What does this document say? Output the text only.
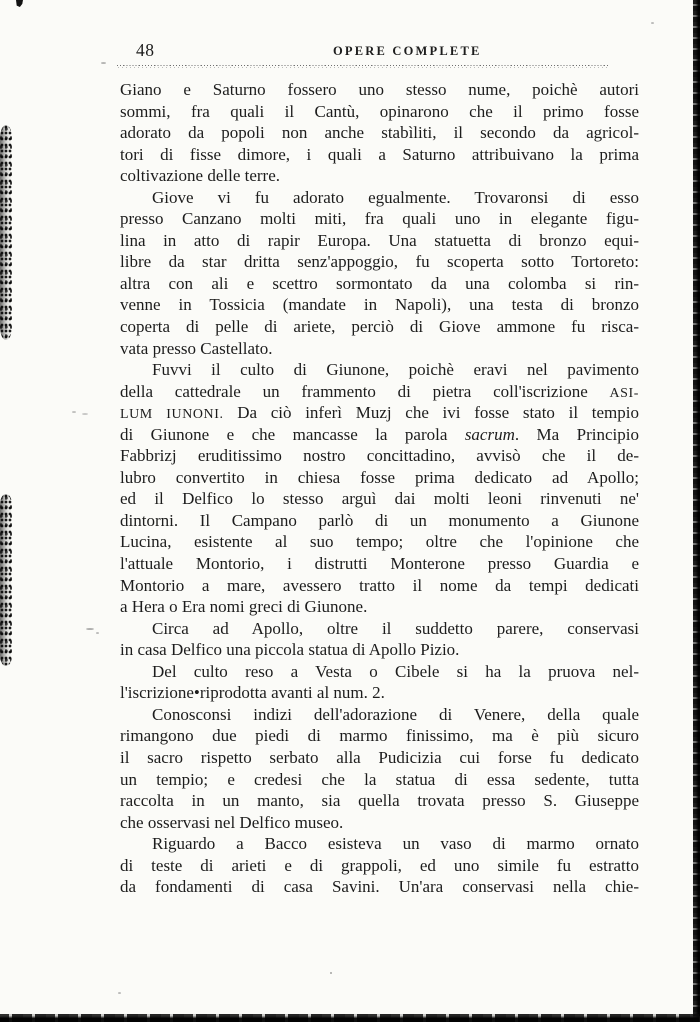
48	OPERE COMPLETE
Giano e Saturno fossero uno stesso nume, poichè autori
sommi, fra quali il Cantù, opinarono che il primo fosse
adorato da popoli non anche stabìliti, il secondo da agricol-
tori di fisse dimore, i quali a Saturno attribuivano la prima
coltivazione delle terre.
Giove vi fu adorato egualmente. Trovaronsi di esso
presso Canzano molti miti, fra quali uno in elegante figu-
lina in atto di rapir Europa. Una statuetta di bronzo equi-
libre da star dritta senz'appoggio, fu scoperta sotto Tortoreto:
altra con ali e scettro sormontato da una colomba si rin-
venne in Tossicia (mandate in Napoli), una testa di bronzo
coperta di pelle di ariete, perciò di Giove ammone fu risca-
vata presso Castellato.
Fuvvi il culto di Giunone, poichè eravi nel pavimento
della cattedrale un frammento di pietra coll'iscrizione ASI-
LUM IUNONI. Da ciò inferì Muzj che ivi fosse stato il tempio
di Giunone e che mancasse la parola sacrum. Ma Principio
Fabbrizj eruditissimo nostro concittadino, avvisò che il de-
lubro convertito in chiesa fosse prima dedicato ad Apollo;
ed il Delfico lo stesso arguì dai molti leoni rinvenuti ne'
dintorni. Il Campano parlò di un monumento a Giunone
Lucina, esistente al suo tempo; oltre che l'opinione che
l'attuale Montorio, i distrutti Monterone presso Guardia e
Montorio a mare, avessero tratto il nome da tempi dedicati
a Hera o Era nomi greci di Giunone.
Circa ad Apollo, oltre il suddetto parere, conservasi
in casa Delfico una piccola statua di Apollo Pizio.
Del culto reso a Vesta o Cibele si ha la pruova nel-
l'iscrizione•riprodotta avanti al num. 2.
Conosconsi indizi dell'adorazione di Venere, della quale
rimangono due piedi di marmo finissimo, ma è più sicuro
il sacro rispetto serbato alla Pudicizia cui forse fu dedicato
un tempio; e credesi che la statua di essa sedente, tutta
raccolta in un manto, sia quella trovata presso S. Giuseppe
che osservasi nel Delfico museo.
Riguardo a Bacco esisteva un vaso di marmo ornato
di teste di arieti e di grappoli, ed uno simile fu estratto
da fondamenti di casa Savini. Un'ara conservasi nella chie-
